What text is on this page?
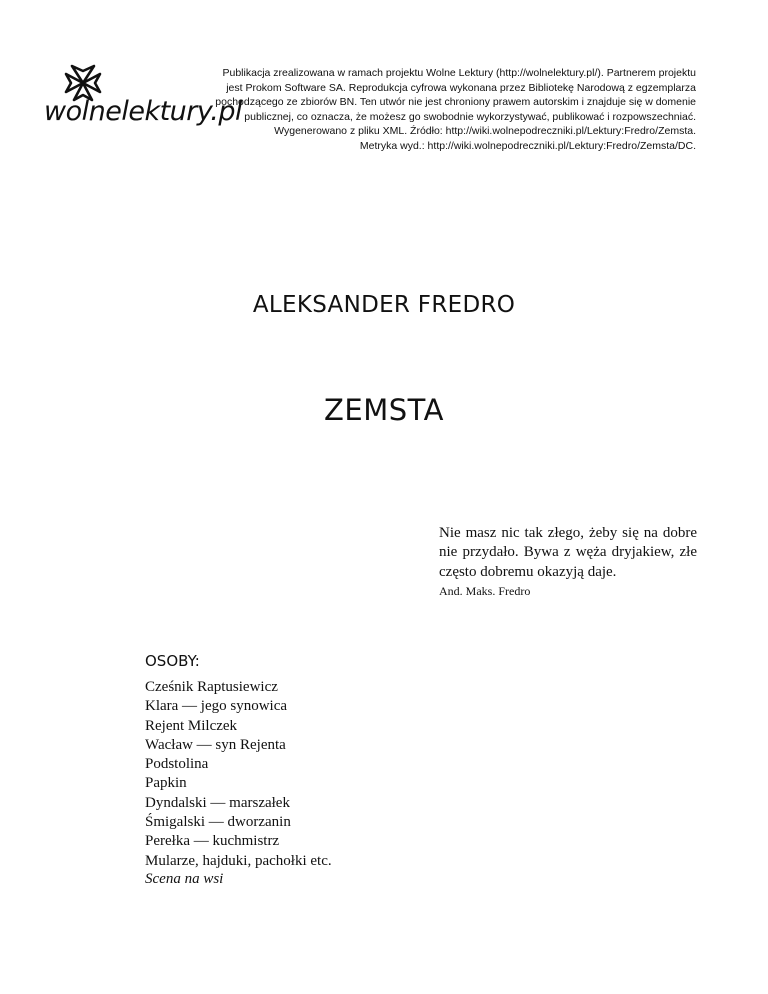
wolnelektury.pl
Publikacja zrealizowana w ramach projektu Wolne Lektury (http://wolnelektury.pl/). Partnerem projektu
jest Prokom Software SA. Reprodukcja cyfrowa wykonana przez Bibliotekę Narodową z egzemplarza
pochodzącego ze zbiorów BN. Ten utwór nie jest chroniony prawem autorskim i znajduje się w domenie
publicznej, co oznacza, że możesz go swobodnie wykorzystywać, publikować i rozpowszechniać.
Wygenerowano z pliku XML. Źródło: http://wiki.wolnepodreczniki.pl/Lektury:Fredro/Zemsta.
Metryka wyd.: http://wiki.wolnepodreczniki.pl/Lektury:Fredro/Zemsta/DC.
ALEKSANDER FREDRO
ZEMSTA
Nie masz nic tak złego, żeby się na dobre nie przydało. Bywa z węża dryjakiew, złe często dobremu okazyją daje.
And. Maks. Fredro
OSOBY:
Cześnik Raptusiewicz
Klara — jego synowica
Rejent Milczek
Wacław — syn Rejenta
Podstolina
Papkin
Dyndalski — marszałek
Śmigalski — dworzanin
Perełka — kuchmistrz
Mularze, hajduki, pachołki etc.
Scena na wsi
